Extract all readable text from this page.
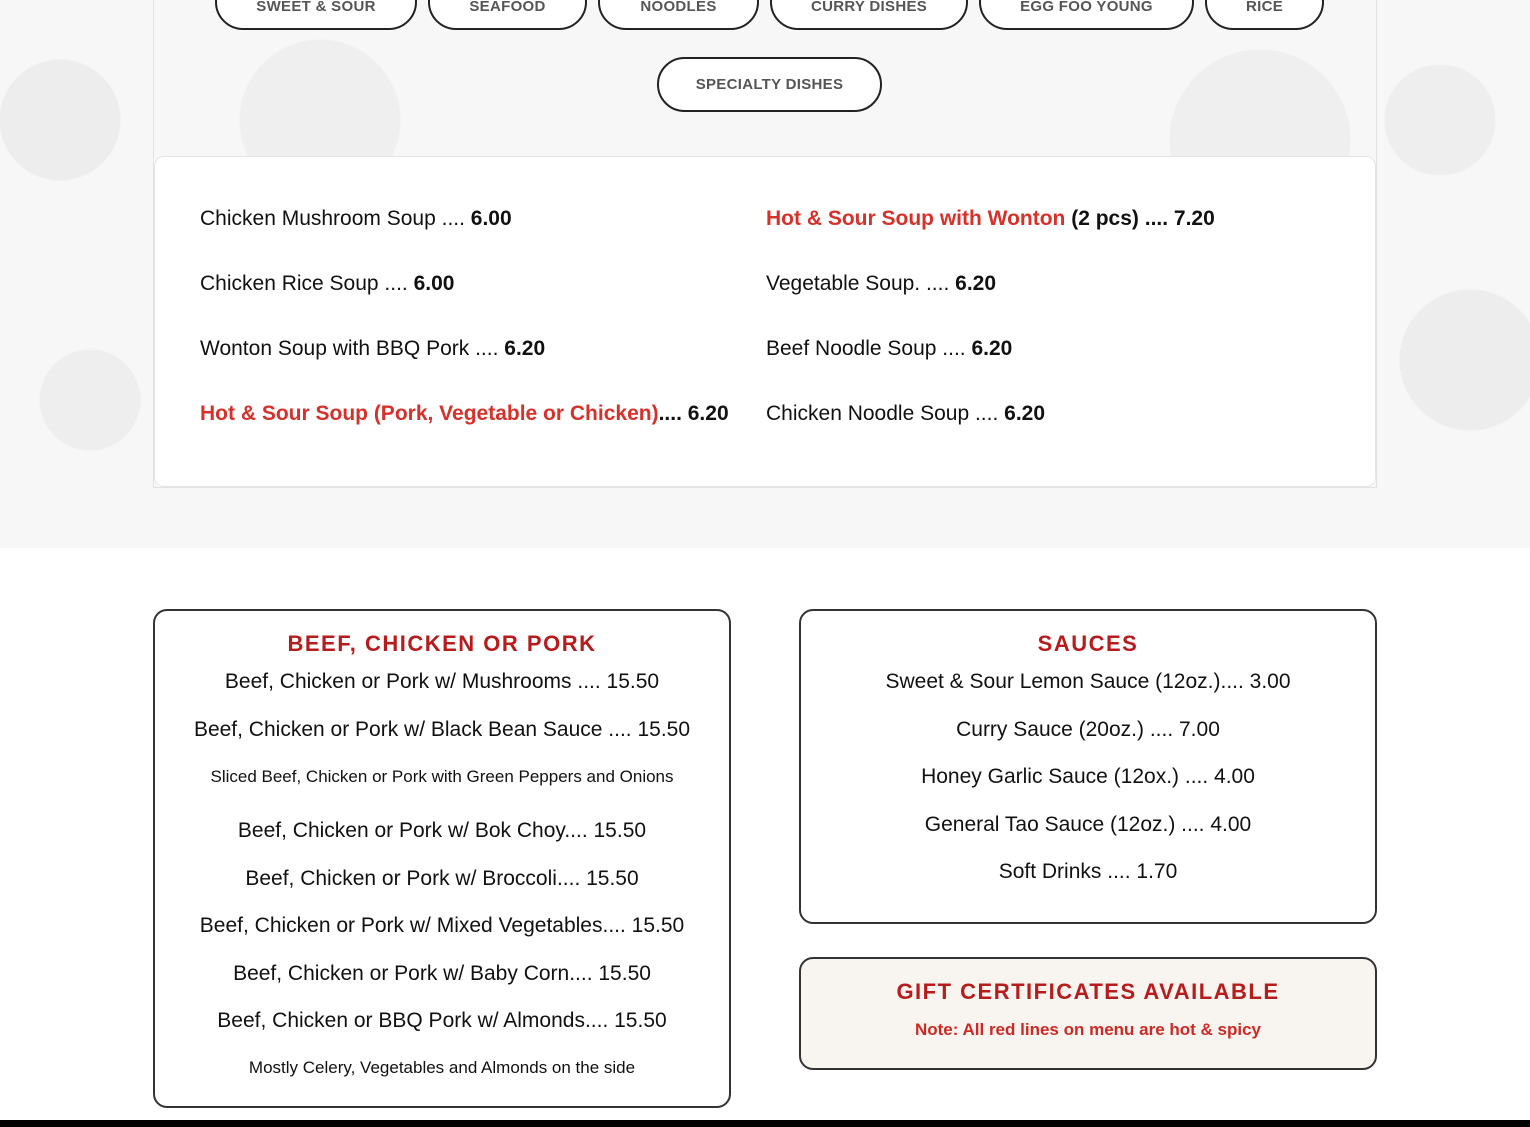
SWEET & SOUR	SEAFOOD	NOODLES	CURRY DISHES	EGG FOO YOUNG	RICE
SPECIALTY DISHES
Chicken Mushroom Soup .... 6.00
Chicken Rice Soup .... 6.00
Wonton Soup with BBQ Pork .... 6.20
Hot & Sour Soup (Pork, Vegetable or Chicken).... 6.20
Hot & Sour Soup with Wonton (2 pcs) .... 7.20
Vegetable Soup. .... 6.20
Beef Noodle Soup .... 6.20
Chicken Noodle Soup .... 6.20
BEEF, CHICKEN OR PORK
Beef, Chicken or Pork w/ Mushrooms .... 15.50
Beef, Chicken or Pork w/ Black Bean Sauce .... 15.50
Sliced Beef, Chicken or Pork with Green Peppers and Onions
Beef, Chicken or Pork w/ Bok Choy.... 15.50
Beef, Chicken or Pork w/ Broccoli.... 15.50
Beef, Chicken or Pork w/ Mixed Vegetables.... 15.50
Beef, Chicken or Pork w/ Baby Corn.... 15.50
Beef, Chicken or BBQ Pork w/ Almonds.... 15.50
Mostly Celery, Vegetables and Almonds on the side
SAUCES
Sweet & Sour Lemon Sauce (12oz.).... 3.00
Curry Sauce (20oz.) .... 7.00
Honey Garlic Sauce (12ox.) .... 4.00
General Tao Sauce (12oz.) .... 4.00
Soft Drinks .... 1.70
GIFT CERTIFICATES AVAILABLE
Note: All red lines on menu are hot & spicy
